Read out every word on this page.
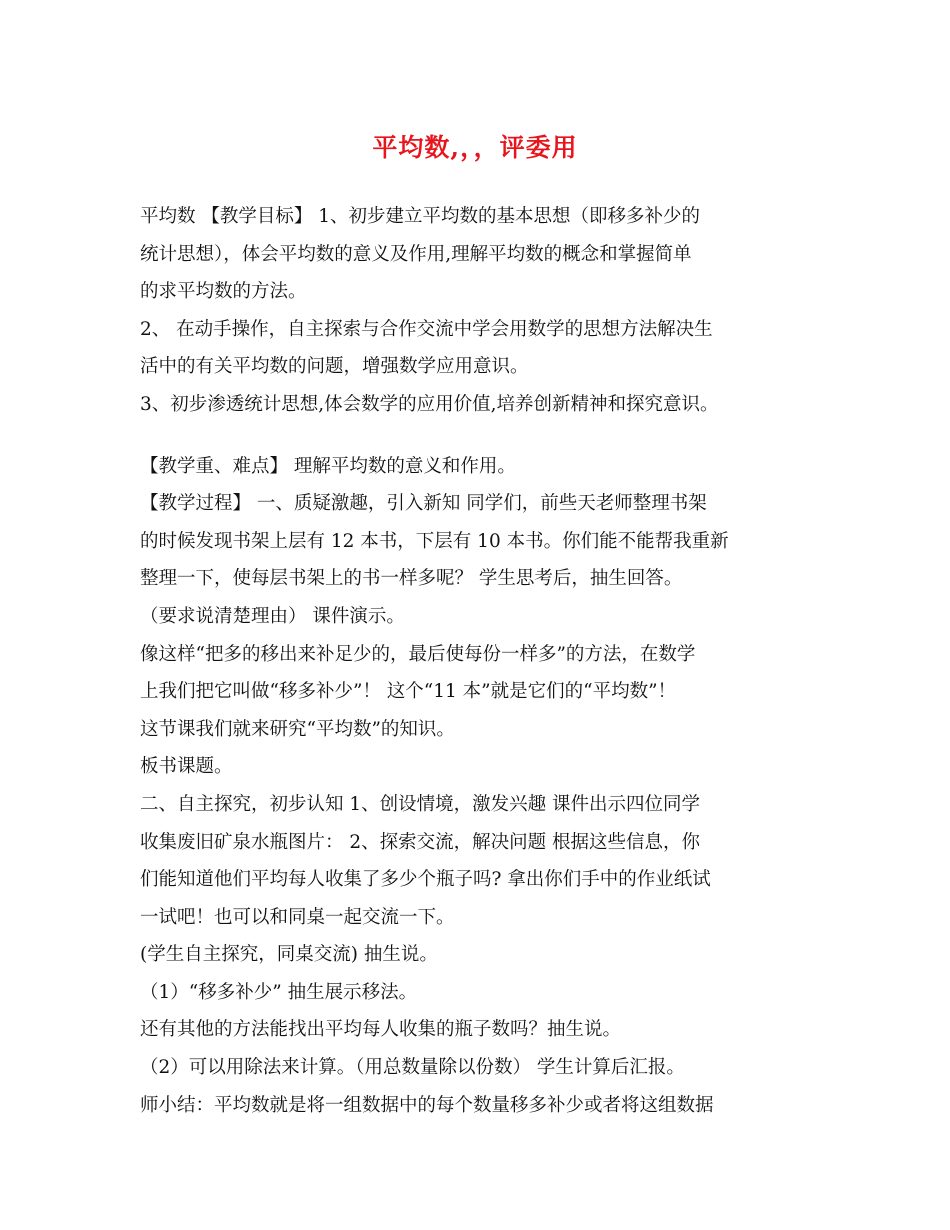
平均数,，，评委用
平均数 【教学目标】 1、初步建立平均数的基本思想（即移多补少的
统计思想），体会平均数的意义及作用,理解平均数的概念和掌握简单
的求平均数的方法。
2、 在动手操作，自主探索与合作交流中学会用数学的思想方法解决生
活中的有关平均数的问题，增强数学应用意识。
3、初步渗透统计思想,体会数学的应用价值,培养创新精神和探究意识。
【教学重、难点】 理解平均数的意义和作用。
【教学过程】 一、质疑激趣，引入新知 同学们，前些天老师整理书架
的时候发现书架上层有 12 本书，下层有 10 本书。你们能不能帮我重新
整理一下，使每层书架上的书一样多呢？ 学生思考后，抽生回答。
（要求说清楚理由） 课件演示。
像这样“把多的移出来补足少的，最后使每份一样多”的方法，在数学
上我们把它叫做“移多补少”！ 这个“11 本”就是它们的“平均数”！
这节课我们就来研究“平均数”的知识。
板书课题。
二、自主探究，初步认知 1、创设情境，激发兴趣 课件出示四位同学
收集废旧矿泉水瓶图片： 2、探索交流，解决问题 根据这些信息，你
们能知道他们平均每人收集了多少个瓶子吗? 拿出你们手中的作业纸试
一试吧！也可以和同桌一起交流一下。
(学生自主探究，同桌交流) 抽生说。
（1）“移多补少” 抽生展示移法。
还有其他的方法能找出平均每人收集的瓶子数吗？抽生说。
（2）可以用除法来计算。（用总数量除以份数） 学生计算后汇报。
师小结：平均数就是将一组数据中的每个数量移多补少或者将这组数据
